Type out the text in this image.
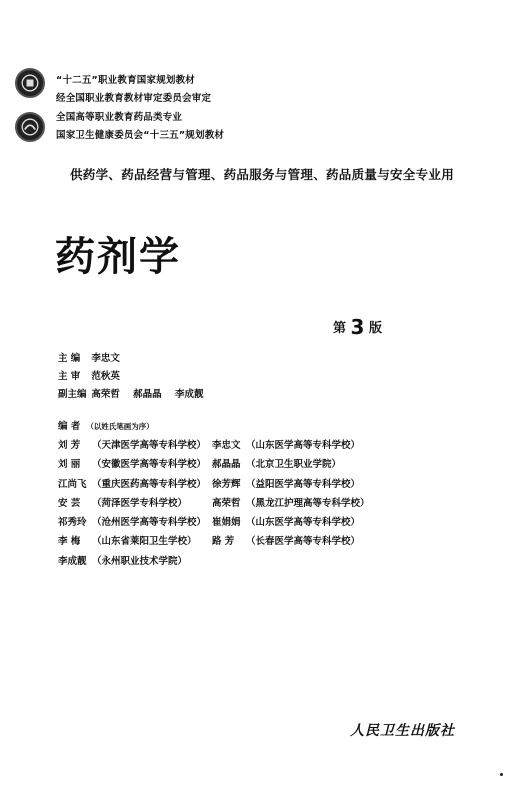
“十二五”职业教育国家规划教材
经全国职业教育教材审定委员会审定
全国高等职业教育药品类专业
国家卫生健康委员会“十三五”规划教材
供药学、药品经营与管理、药品服务与管理、药品质量与安全专业用
药剂学
第 3 版
主 编 李忠文
主 审 范秋英
副主编 高荣哲 郝晶晶 李成靓
编 者 （以姓氏笔画为序）
刘 芳 （天津医学高等专科学校）
刘 丽 （安徽医学高等专科学校）
江尚飞 （重庆医药高等专科学校）
安 芸 （菏泽医学专科学校）
祁秀玲 （沧州医学高等专科学校）
李 梅 （山东省莱阳卫生学校）
李成靓 （永州职业技术学院）
李忠文 （山东医学高等专科学校）
郝晶晶 （北京卫生职业学院）
徐芳辉 （益阳医学高等专科学校）
高荣哲 （黑龙江护理高等专科学校）
崔娟娟 （山东医学高等专科学校）
路 芳 （长春医学高等专科学校）
人民卫生出版社
